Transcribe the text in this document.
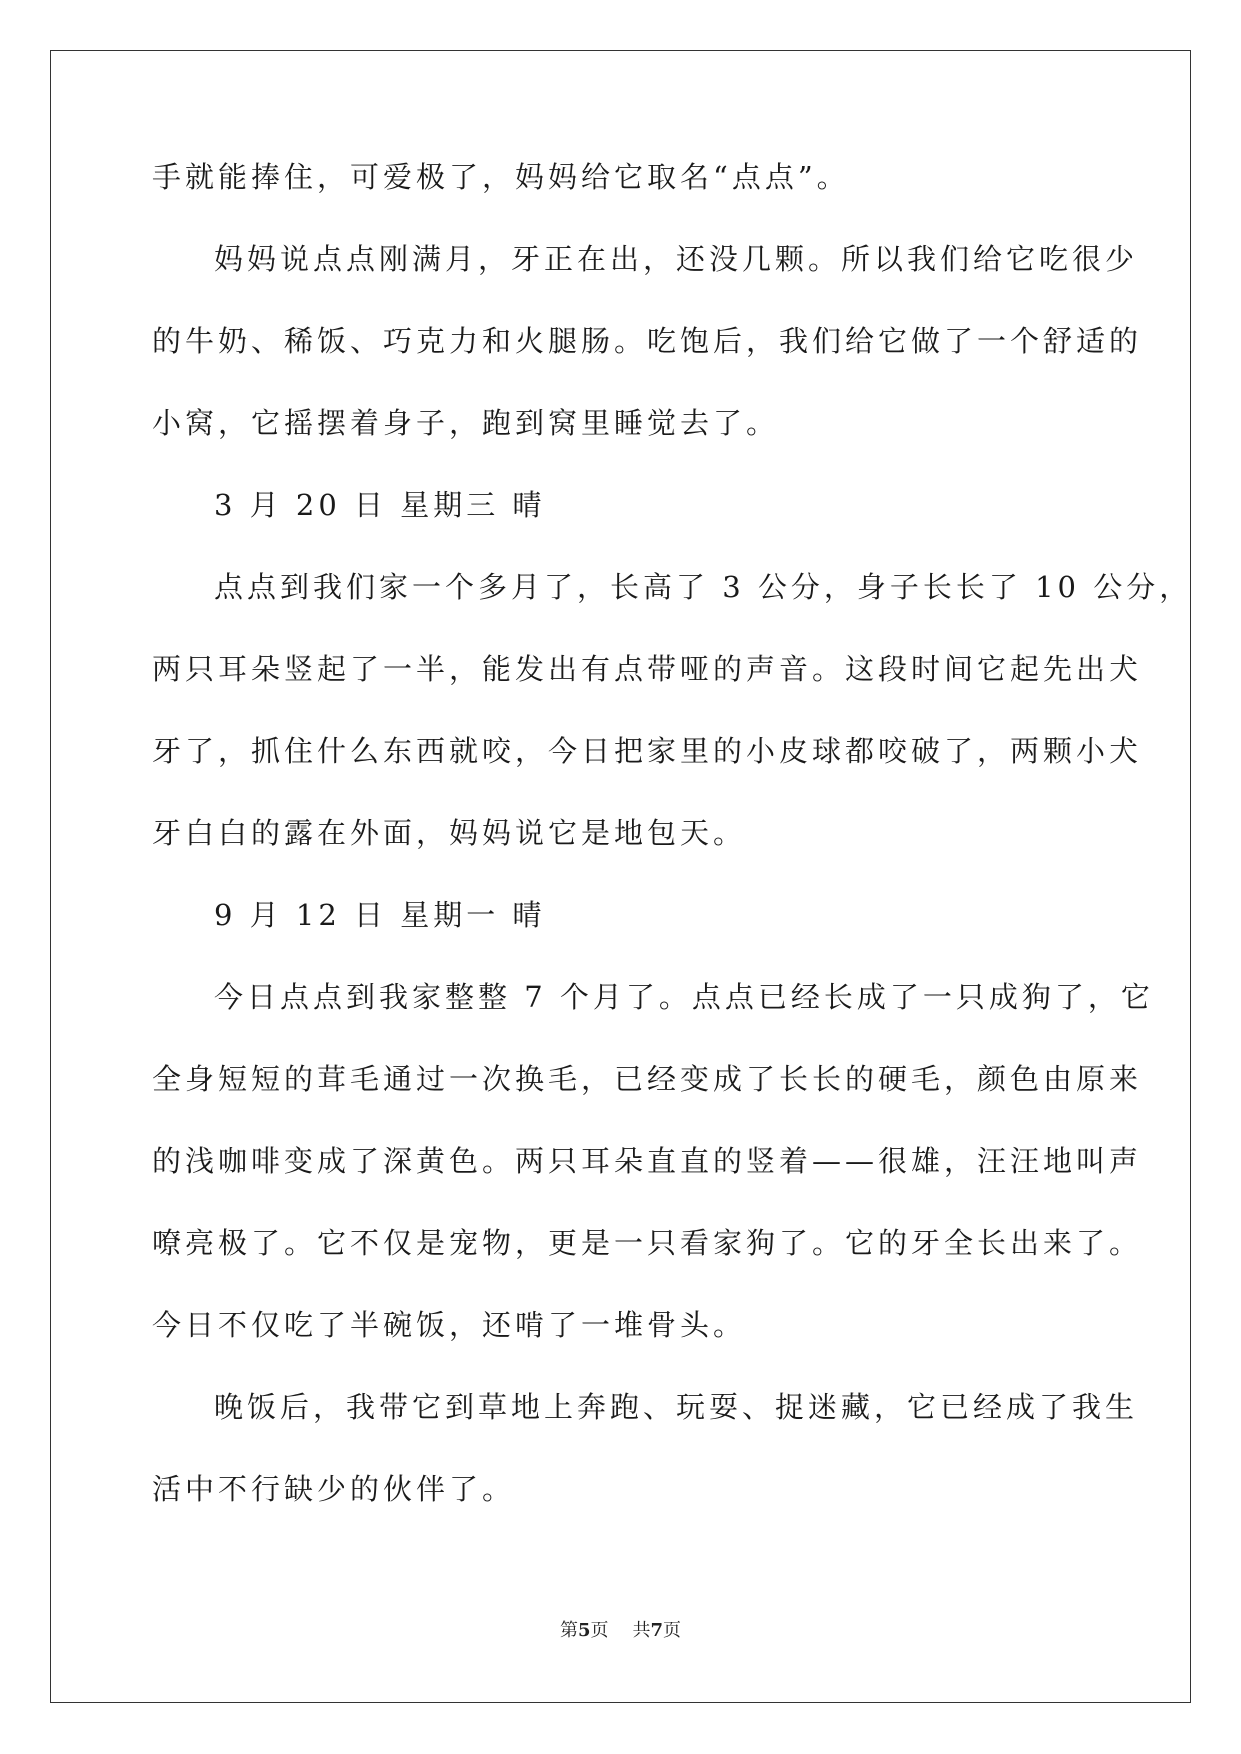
手就能捧住，可爱极了，妈妈给它取名“点点”。
妈妈说点点刚满月，牙正在出，还没几颗。所以我们给它吃很少
的牛奶、稀饭、巧克力和火腿肠。吃饱后，我们给它做了一个舒适的
小窝，它摇摆着身子，跑到窝里睡觉去了。
3 月 20 日 星期三 晴
点点到我们家一个多月了，长高了 3 公分，身子长长了 10 公分，
两只耳朵竖起了一半，能发出有点带哑的声音。这段时间它起先出犬
牙了，抓住什么东西就咬，今日把家里的小皮球都咬破了，两颗小犬
牙白白的露在外面，妈妈说它是地包天。
9 月 12 日 星期一 晴
今日点点到我家整整 7 个月了。点点已经长成了一只成狗了，它
全身短短的茸毛通过一次换毛，已经变成了长长的硬毛，颜色由原来
的浅咖啡变成了深黄色。两只耳朵直直的竖着——很雄，汪汪地叫声
嘹亮极了。它不仅是宠物，更是一只看家狗了。它的牙全长出来了。
今日不仅吃了半碗饭，还啃了一堆骨头。
晚饭后，我带它到草地上奔跑、玩耍、捉迷藏，它已经成了我生
活中不行缺少的伙伴了。
第5页 共7页
